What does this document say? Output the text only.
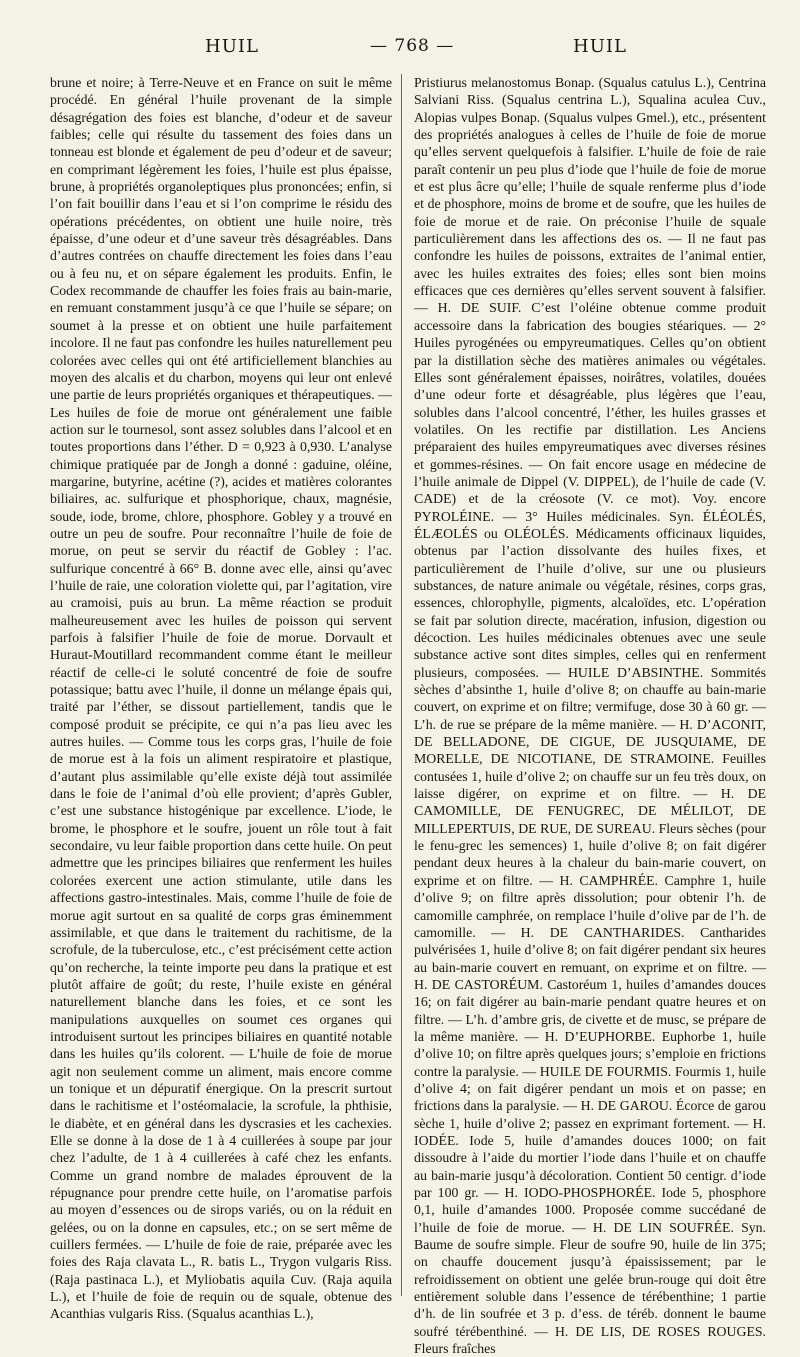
HUIL	— 768 —	HUIL

brune et noire; à Terre-Neuve et en France on suit le même procédé. En général l’huile provenant de la simple désagrégation des foies est blanche, d’odeur et de saveur faibles; celle qui résulte du tassement des foies dans un tonneau est blonde et également de peu d’odeur et de saveur; en comprimant légèrement les foies, l’huile est plus épaisse, brune, à propriétés organoleptiques plus prononcées; enfin, si l’on fait bouillir dans l’eau et si l’on comprime le résidu des opérations précédentes, on obtient une huile noire, très épaisse, d’une odeur et d’une saveur très désagréables. Dans d’autres contrées on chauffe directement les foies dans l’eau ou à feu nu, et on sépare également les produits. Enfin, le Codex recommande de chauffer les foies frais au bain-marie, en remuant constamment jusqu’à ce que l’huile se sépare; on soumet à la presse et on obtient une huile parfaitement incolore. Il ne faut pas confondre les huiles naturellement peu colorées avec celles qui ont été artificiellement blanchies au moyen des alcalis et du charbon, moyens qui leur ont enlevé une partie de leurs propriétés organiques et thérapeutiques. — Les huiles de foie de morue ont généralement une faible action sur le tournesol, sont assez solubles dans l’alcool et en toutes proportions dans l’éther. D = 0,923 à 0,930. L’analyse chimique pratiquée par de Jongh a donné : gaduine, oléine, margarine, butyrine, acétine (?), acides et matières colorantes biliaires, ac. sulfurique et phosphorique, chaux, magnésie, soude, iode, brome, chlore, phosphore. Gobley y a trouvé en outre un peu de soufre. Pour reconnaître l’huile de foie de morue, on peut se servir du réactif de Gobley : l’ac. sulfurique concentré à 66° B. donne avec elle, ainsi qu’avec l’huile de raie, une coloration violette qui, par l’agitation, vire au cramoisi, puis au brun. La même réaction se produit malheureusement avec les huiles de poisson qui servent parfois à falsifier l’huile de foie de morue. Dorvault et Huraut-Moutillard recommandent comme étant le meilleur réactif de celle-ci le soluté concentré de foie de soufre potassique; battu avec l’huile, il donne un mélange épais qui, traité par l’éther, se dissout partiellement, tandis que le composé produit se précipite, ce qui n’a pas lieu avec les autres huiles. — Comme tous les corps gras, l’huile de foie de morue est à la fois un aliment respiratoire et plastique, d’autant plus assimilable qu’elle existe déjà tout assimilée dans le foie de l’animal d’où elle provient; d’après Gubler, c’est une substance histogénique par excellence. L’iode, le brome, le phosphore et le soufre, jouent un rôle tout à fait secondaire, vu leur faible proportion dans cette huile. On peut admettre que les principes biliaires que renferment les huiles colorées exercent une action stimulante, utile dans les affections gastro-intestinales. Mais, comme l’huile de foie de morue agit surtout en sa qualité de corps gras éminemment assimilable, et que dans le traitement du rachitisme, de la scrofule, de la tuberculose, etc., c’est précisément cette action qu’on recherche, la teinte importe peu dans la pratique et est plutôt affaire de goût; du reste, l’huile existe en général naturellement blanche dans les foies, et ce sont les manipulations auxquelles on soumet ces organes qui introduisent surtout les principes biliaires en quantité notable dans les huiles qu’ils colorent. — L’huile de foie de morue agit non seulement comme un aliment, mais encore comme un tonique et un dépuratif énergique. On la prescrit surtout dans le rachitisme et l’ostéomalacie, la scrofule, la phthisie, le diabète, et en général dans les dyscrasies et les cachexies. Elle se donne à la dose de 1 à 4 cuillerées à soupe par jour chez l’adulte, de 1 à 4 cuillerées à café chez les enfants. Comme un grand nombre de malades éprouvent de la répugnance pour prendre cette huile, on l’aromatise parfois au moyen d’essences ou de sirops variés, ou on la réduit en gelées, ou on la donne en capsules, etc.; on se sert même de cuillers fermées. — L’huile de foie de raie, préparée avec les foies des Raja clavata L., R. batis L., Trygon vulgaris Riss. (Raja pastinaca L.), et Myliobatis aquila Cuv. (Raja aquila L.), et l’huile de foie de requin ou de squale, obtenue des Acanthias vulgaris Riss. (Squalus acanthias L.),

Pristiurus melanostomus Bonap. (Squalus catulus L.), Centrina Salviani Riss. (Squalus centrina L.), Squalina aculea Cuv., Alopias vulpes Bonap. (Squalus vulpes Gmel.), etc., présentent des propriétés analogues à celles de l’huile de foie de morue qu’elles servent quelquefois à falsifier. L’huile de foie de raie paraît contenir un peu plus d’iode que l’huile de foie de morue et est plus âcre qu’elle; l’huile de squale renferme plus d’iode et de phosphore, moins de brome et de soufre, que les huiles de foie de morue et de raie. On préconise l’huile de squale particulièrement dans les affections des os. — Il ne faut pas confondre les huiles de poissons, extraites de l’animal entier, avec les huiles extraites des foies; elles sont bien moins efficaces que ces dernières qu’elles servent souvent à falsifier. — H. DE SUIF. C’est l’oléine obtenue comme produit accessoire dans la fabrication des bougies stéariques. — 2° Huiles pyrogénées ou empyreumatiques. Celles qu’on obtient par la distillation sèche des matières animales ou végétales. Elles sont généralement épaisses, noirâtres, volatiles, douées d’une odeur forte et désagréable, plus légères que l’eau, solubles dans l’alcool concentré, l’éther, les huiles grasses et volatiles. On les rectifie par distillation. Les Anciens préparaient des huiles empyreumatiques avec diverses résines et gommes-résines. — On fait encore usage en médecine de l’huile animale de Dippel (V. DIPPEL), de l’huile de cade (V. CADE) et de la créosote (V. ce mot). Voy. encore PYROLÉINE. — 3° Huiles médicinales. Syn. ÉLÉOLÉS, ÉLÆOLÉS ou OLÉOLÉS. Médicaments officinaux liquides, obtenus par l’action dissolvante des huiles fixes, et particulièrement de l’huile d’olive, sur une ou plusieurs substances, de nature animale ou végétale, résines, corps gras, essences, chlorophylle, pigments, alcaloïdes, etc. L’opération se fait par solution directe, macération, infusion, digestion ou décoction. Les huiles médicinales obtenues avec une seule substance active sont dites simples, celles qui en renferment plusieurs, composées. — HUILE D’ABSINTHE. Sommités sèches d’absinthe 1, huile d’olive 8; on chauffe au bain-marie couvert, on exprime et on filtre; vermifuge, dose 30 à 60 gr. — L’h. de rue se prépare de la même manière. — H. D’ACONIT, DE BELLADONE, DE CIGUE, DE JUSQUIAME, DE MORELLE, DE NICOTIANE, DE STRAMOINE. Feuilles contusées 1, huile d’olive 2; on chauffe sur un feu très doux, on laisse digérer, on exprime et on filtre. — H. DE CAMOMILLE, DE FENUGREC, DE MÉLILOT, DE MILLEPERTUIS, DE RUE, DE SUREAU. Fleurs sèches (pour le fenu-grec les semences) 1, huile d’olive 8; on fait digérer pendant deux heures à la chaleur du bain-marie couvert, on exprime et on filtre. — H. CAMPHRÉE. Camphre 1, huile d’olive 9; on filtre après dissolution; pour obtenir l’h. de camomille camphrée, on remplace l’huile d’olive par de l’h. de camomille. — H. DE CANTHARIDES. Cantharides pulvérisées 1, huile d’olive 8; on fait digérer pendant six heures au bain-marie couvert en remuant, on exprime et on filtre. — H. DE CASTORÉUM. Castoréum 1, huiles d’amandes douces 16; on fait digérer au bain-marie pendant quatre heures et on filtre. — L’h. d’ambre gris, de civette et de musc, se prépare de la même manière. — H. D’EUPHORBE. Euphorbe 1, huile d’olive 10; on filtre après quelques jours; s’emploie en frictions contre la paralysie. — HUILE DE FOURMIS. Fourmis 1, huile d’olive 4; on fait digérer pendant un mois et on passe; en frictions dans la paralysie. — H. DE GAROU. Écorce de garou sèche 1, huile d’olive 2; passez en exprimant fortement. — H. IODÉE. Iode 5, huile d’amandes douces 1000; on fait dissoudre à l’aide du mortier l’iode dans l’huile et on chauffe au bain-marie jusqu’à décoloration. Contient 50 centigr. d’iode par 100 gr. — H. IODO-PHOSPHORÉE. Iode 5, phosphore 0,1, huile d’amandes 1000. Proposée comme succédané de l’huile de foie de morue. — H. DE LIN SOUFRÉE. Syn. Baume de soufre simple. Fleur de soufre 90, huile de lin 375; on chauffe doucement jusqu’à épaississement; par le refroidissement on obtient une gelée brun-rouge qui doit être entièrement soluble dans l’essence de térébenthine; 1 partie d’h. de lin soufrée et 3 p. d’ess. de téréb. donnent le baume soufré térébenthiné. — H. DE LIS, DE ROSES ROUGES. Fleurs fraîches
